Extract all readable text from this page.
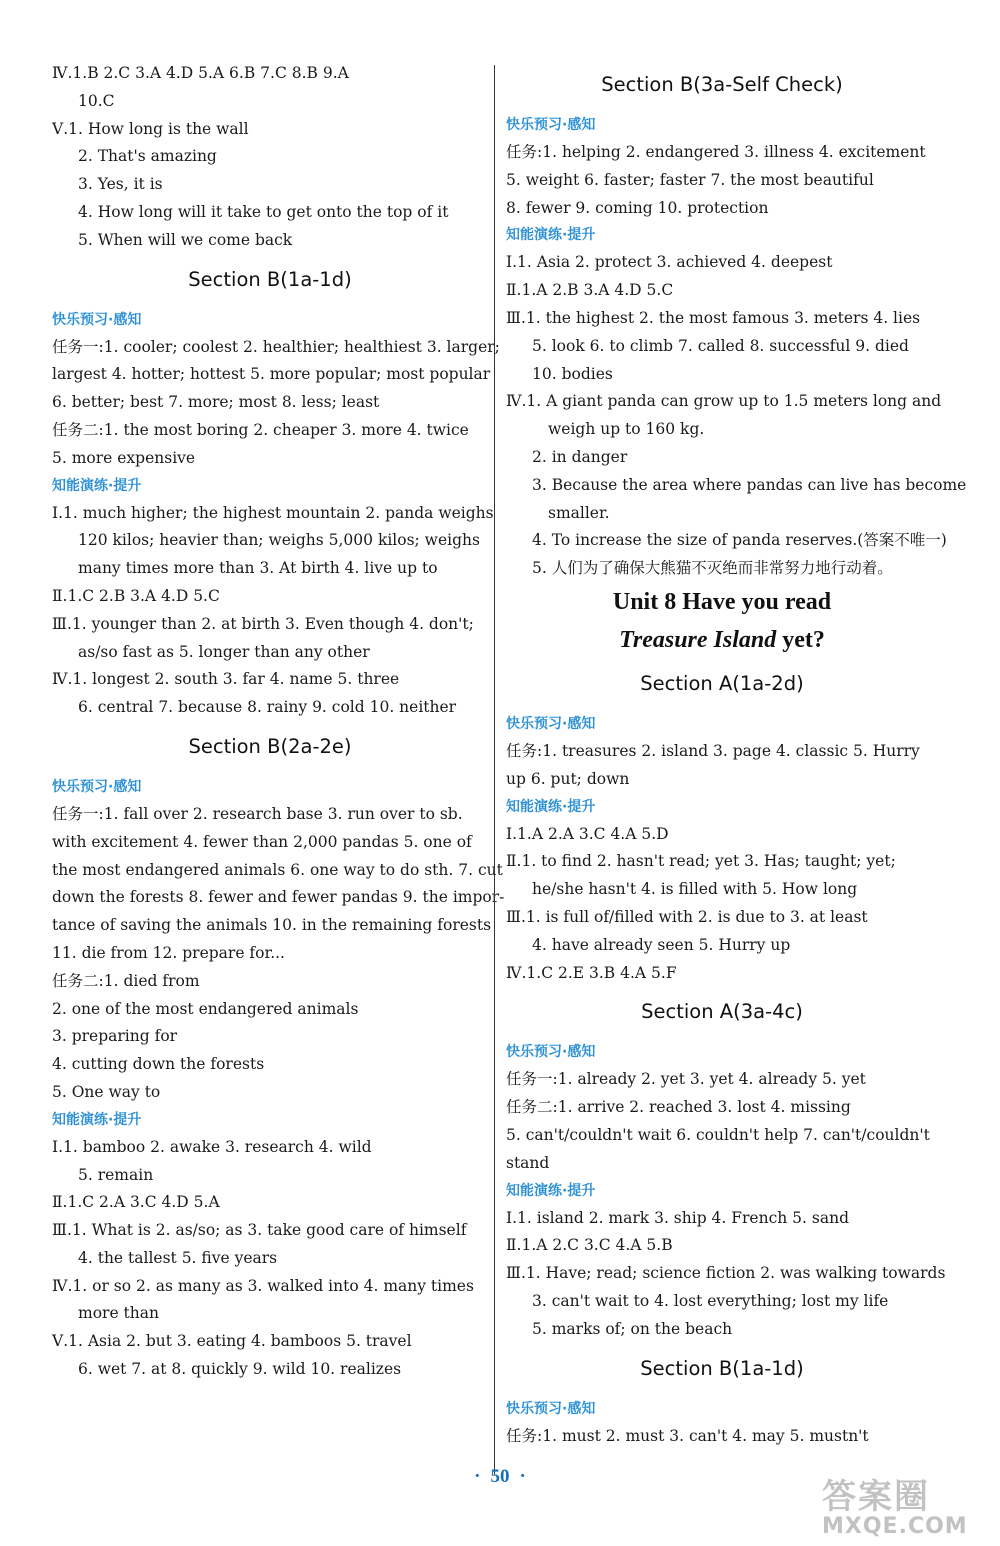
Ⅳ.1.B 2.C 3.A 4.D 5.A 6.B 7.C 8.B 9.A
10.C
Ⅴ.1. How long is the wall
2. That's amazing
3. Yes, it is
4. How long will it take to get onto the top of it
5. When will we come back
Section B(1a-1d)
快乐预习·感知
任务一:1. cooler; coolest 2. healthier; healthiest 3. larger;
largest 4. hotter; hottest 5. more popular; most popular
6. better; best 7. more; most 8. less; least
任务二:1. the most boring 2. cheaper 3. more 4. twice
5. more expensive
知能演练·提升
Ⅰ.1. much higher; the highest mountain 2. panda weighs
120 kilos; heavier than; weighs 5,000 kilos; weighs
many times more than 3. At birth 4. live up to
Ⅱ.1.C 2.B 3.A 4.D 5.C
Ⅲ.1. younger than 2. at birth 3. Even though 4. don't;
as/so fast as 5. longer than any other
Ⅳ.1. longest 2. south 3. far 4. name 5. three
6. central 7. because 8. rainy 9. cold 10. neither
Section B(2a-2e)
快乐预习·感知
任务一:1. fall over 2. research base 3. run over to sb.
with excitement 4. fewer than 2,000 pandas 5. one of
the most endangered animals 6. one way to do sth. 7. cut
down the forests 8. fewer and fewer pandas 9. the impor-
tance of saving the animals 10. in the remaining forests
11. die from 12. prepare for...
任务二:1. died from
2. one of the most endangered animals
3. preparing for
4. cutting down the forests
5. One way to
知能演练·提升
Ⅰ.1. bamboo 2. awake 3. research 4. wild
5. remain
Ⅱ.1.C 2.A 3.C 4.D 5.A
Ⅲ.1. What is 2. as/so; as 3. take good care of himself
4. the tallest 5. five years
Ⅳ.1. or so 2. as many as 3. walked into 4. many times
more than
Ⅴ.1. Asia 2. but 3. eating 4. bamboos 5. travel
6. wet 7. at 8. quickly 9. wild 10. realizes
Section B(3a-Self Check)
快乐预习·感知
任务:1. helping 2. endangered 3. illness 4. excitement
5. weight 6. faster; faster 7. the most beautiful
8. fewer 9. coming 10. protection
知能演练·提升
Ⅰ.1. Asia 2. protect 3. achieved 4. deepest
Ⅱ.1.A 2.B 3.A 4.D 5.C
Ⅲ.1. the highest 2. the most famous 3. meters 4. lies
5. look 6. to climb 7. called 8. successful 9. died
10. bodies
Ⅳ.1. A giant panda can grow up to 1.5 meters long and
weigh up to 160 kg.
2. in danger
3. Because the area where pandas can live has become
smaller.
4. To increase the size of panda reserves.(答案不唯一)
5. 人们为了确保大熊猫不灭绝而非常努力地行动着。
Unit 8 Have you read
Treasure Island yet?
Section A(1a-2d)
快乐预习·感知
任务:1. treasures 2. island 3. page 4. classic 5. Hurry
up 6. put; down
知能演练·提升
Ⅰ.1.A 2.A 3.C 4.A 5.D
Ⅱ.1. to find 2. hasn't read; yet 3. Has; taught; yet;
he/she hasn't 4. is filled with 5. How long
Ⅲ.1. is full of/filled with 2. is due to 3. at least
4. have already seen 5. Hurry up
Ⅳ.1.C 2.E 3.B 4.A 5.F
Section A(3a-4c)
快乐预习·感知
任务一:1. already 2. yet 3. yet 4. already 5. yet
任务二:1. arrive 2. reached 3. lost 4. missing
5. can't/couldn't wait 6. couldn't help 7. can't/couldn't
stand
知能演练·提升
Ⅰ.1. island 2. mark 3. ship 4. French 5. sand
Ⅱ.1.A 2.C 3.C 4.A 5.B
Ⅲ.1. Have; read; science fiction 2. was walking towards
3. can't wait to 4. lost everything; lost my life
5. marks of; on the beach
Section B(1a-1d)
快乐预习·感知
任务:1. must 2. must 3. can't 4. may 5. mustn't
· 50 ·
答案圈
MXQE.COM
